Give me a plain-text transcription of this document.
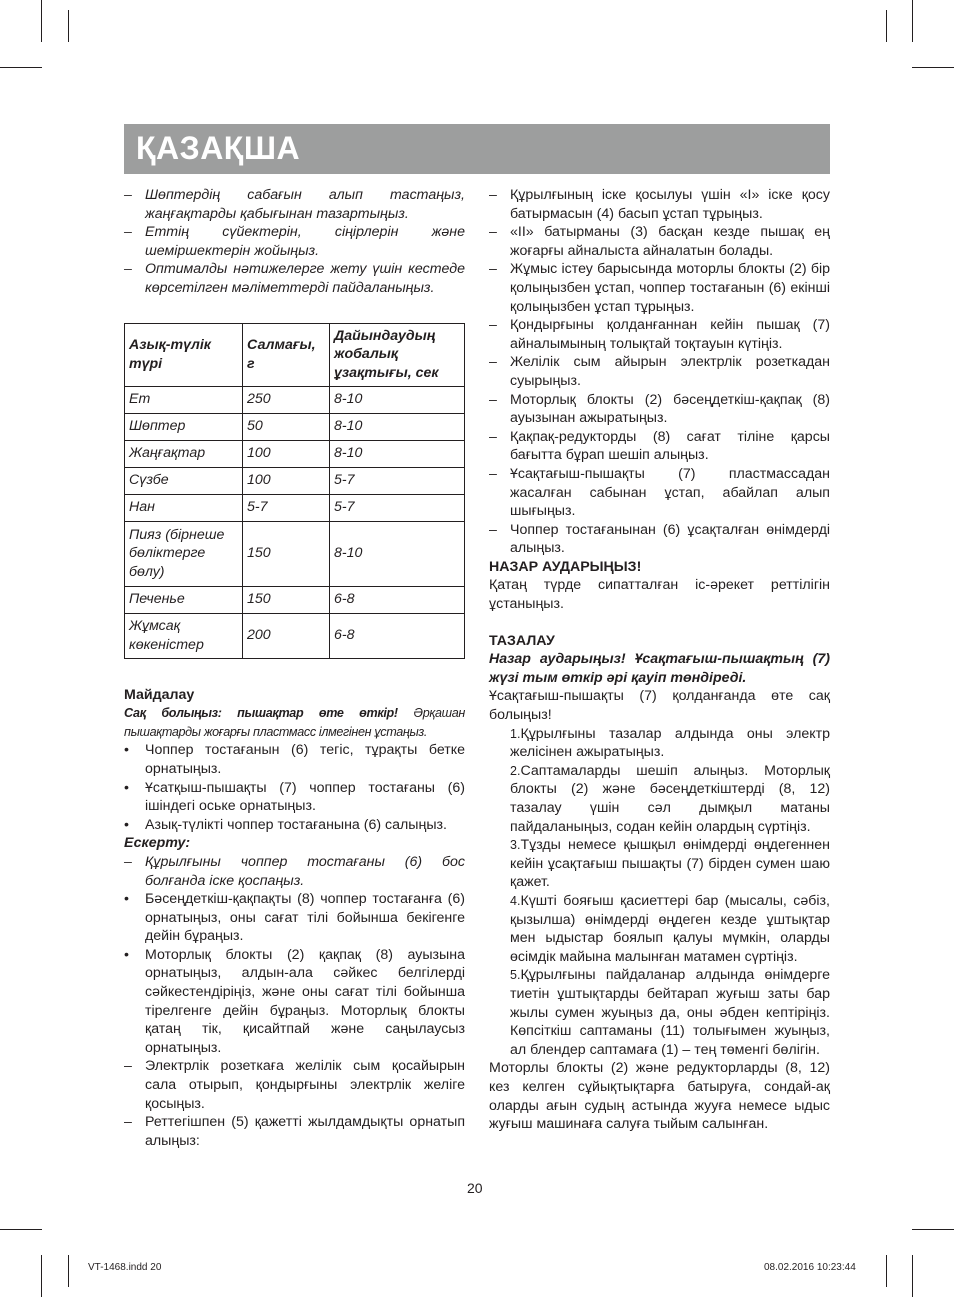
ҚАЗАҚША
– Шөптердің сабағын алып тастаңыз, жаңғақтарды қабығынан тазартыңыз.
– Еттің сүйектерін, сіңірлерін және шеміршектерін жойыңыз.
– Оптималды нәтижелерге жету үшін кестеде көрсетілген мәліметтерді пайдаланыңыз.
Азық-түлік түрі	Салмағы, г	Дайындаудың жобалық ұзақтығы, сек
Ет	250	8-10
Шөптер	50	8-10
Жаңғақтар	100	8-10
Сүзбе	100	5-7
Нан	5-7	5-7
Пияз (бірнеше бөліктерге бөлу)	150	8-10
Печенье	150	6-8
Жұмсақ көкеністер	200	6-8

Майдалау

Сақ болыңыз: пышақтар өте өткір! Әрқашан пышақтарды жоғарғы пластмасс ілмегінен ұстаңыз.

• Чоппер тостағанын (6) тегіс, тұрақты бетке орнатыңыз.
• Ұсатқыш-пышақты (7) чоппер тостағаны (6) ішіндегі оське орнатыңыз.
• Азық-түлікті чоппер тостағанына (6) салыңыз.

Ескерту:

– Құрылғыны чоппер тостағаны (6) бос болғанда іске қоспаңыз.
• Бәсеңдеткіш-қақпақты (8) чоппер тостағанға (6) орнатыңыз, оны сағат тілі бойынша бекігенге дейін бұраңыз.
• Моторлық блокты (2) қақпақ (8) ауызына орнатыңыз, алдын-ала сәйкес белгілерді сәйкестендіріңіз, және оны сағат тілі бойынша тірелгенге дейін бұраңыз. Моторлық блокты қатаң тік, қисайтпай және саңылаусыз орнатыңыз.
– Электрлік розеткаға желілік сым қосайырын сала отырып, қондырғыны электрлік желіге қосыңыз.
– Реттегішпен (5) қажетті жылдамдықты орнатып алыңыз:
– Құрылғының іске қосылуы үшін «I» іске қосу батырмасын (4) басып ұстап тұрыңыз.
– «II» батырманы (3) басқан кезде пышақ ең жоғарғы айналыста айналатын болады.
– Жұмыс істеу барысында моторлы блокты (2) бір қолыңызбен ұстап, чоппер тостағанын (6) екінші қолыңызбен ұстап тұрыңыз.
– Қондырғыны қолданғаннан кейін пышақ (7) айналымының толықтай тоқтауын күтіңіз.
– Желілік сым айырын электрлік розеткадан суырыңыз.
– Моторлық блокты (2) бәсеңдеткіш-қақпақ (8) ауызынан ажыратыңыз.
– Қақпақ-редукторды (8) сағат тіліне қарсы бағытта бұрап шешіп алыңыз.
– Ұсақтағыш-пышақты (7) пластмассадан жасалған сабынан ұстап, абайлап алып шығыңыз.
– Чоппер тостағанынан (6) ұсақталған өнімдерді алыңыз.

НАЗАР АУДАРЫҢЫЗ!

Қатаң түрде сипатталған іс-әрекет реттілігін ұстаныңыз.

ТАЗАЛАУ

Назар аударыңыз! Ұсақтағыш-пышақтың (7) жүзі тым өткір әрі қауіп төндіреді.

Ұсақтағыш-пышақты (7) қолданғанда өте сақ болыңыз!

1. Құрылғыны тазалар алдында оны электр желісінен ажыратыңыз.
2. Саптамаларды шешіп алыңыз. Моторлық блокты (2) және бәсеңдеткіштерді (8, 12) тазалау үшін сәл дымқыл матаны пайдаланыңыз, содан кейін олардың сүртіңіз.
3. Тұзды немесе қышқыл өнімдерді өңдегеннен кейін ұсақтағыш пышақты (7) бірден сумен шаю қажет.
4. Күшті бояғыш қасиеттері бар (мысалы, сәбіз, қызылша) өнімдерді өңдеген кезде ұштықтар мен ыдыстар боялып қалуы мүмкін, оларды өсімдік майына малынған матамен сүртіңіз.
5. Құрылғыны пайдаланар алдында өнімдерге тиетін ұштықтарды бейтарап жуғыш заты бар жылы сумен жуыңыз да, оны әбден кептіріңіз. Көпсіткіш саптаманы (11) толығымен жуыңыз, ал блендер саптамаға (1) – тең төменгі бөлігін.

Моторлы блокты (2) және редукторларды (8, 12) кез келген сұйықтықтарға батыруға, сондай-ақ оларды ағын судың астында жууға немесе ыдыс жуғыш машинаға салуға тыйым салынған.

20
VT-1468.indd 20	08.02.2016 10:23:44
